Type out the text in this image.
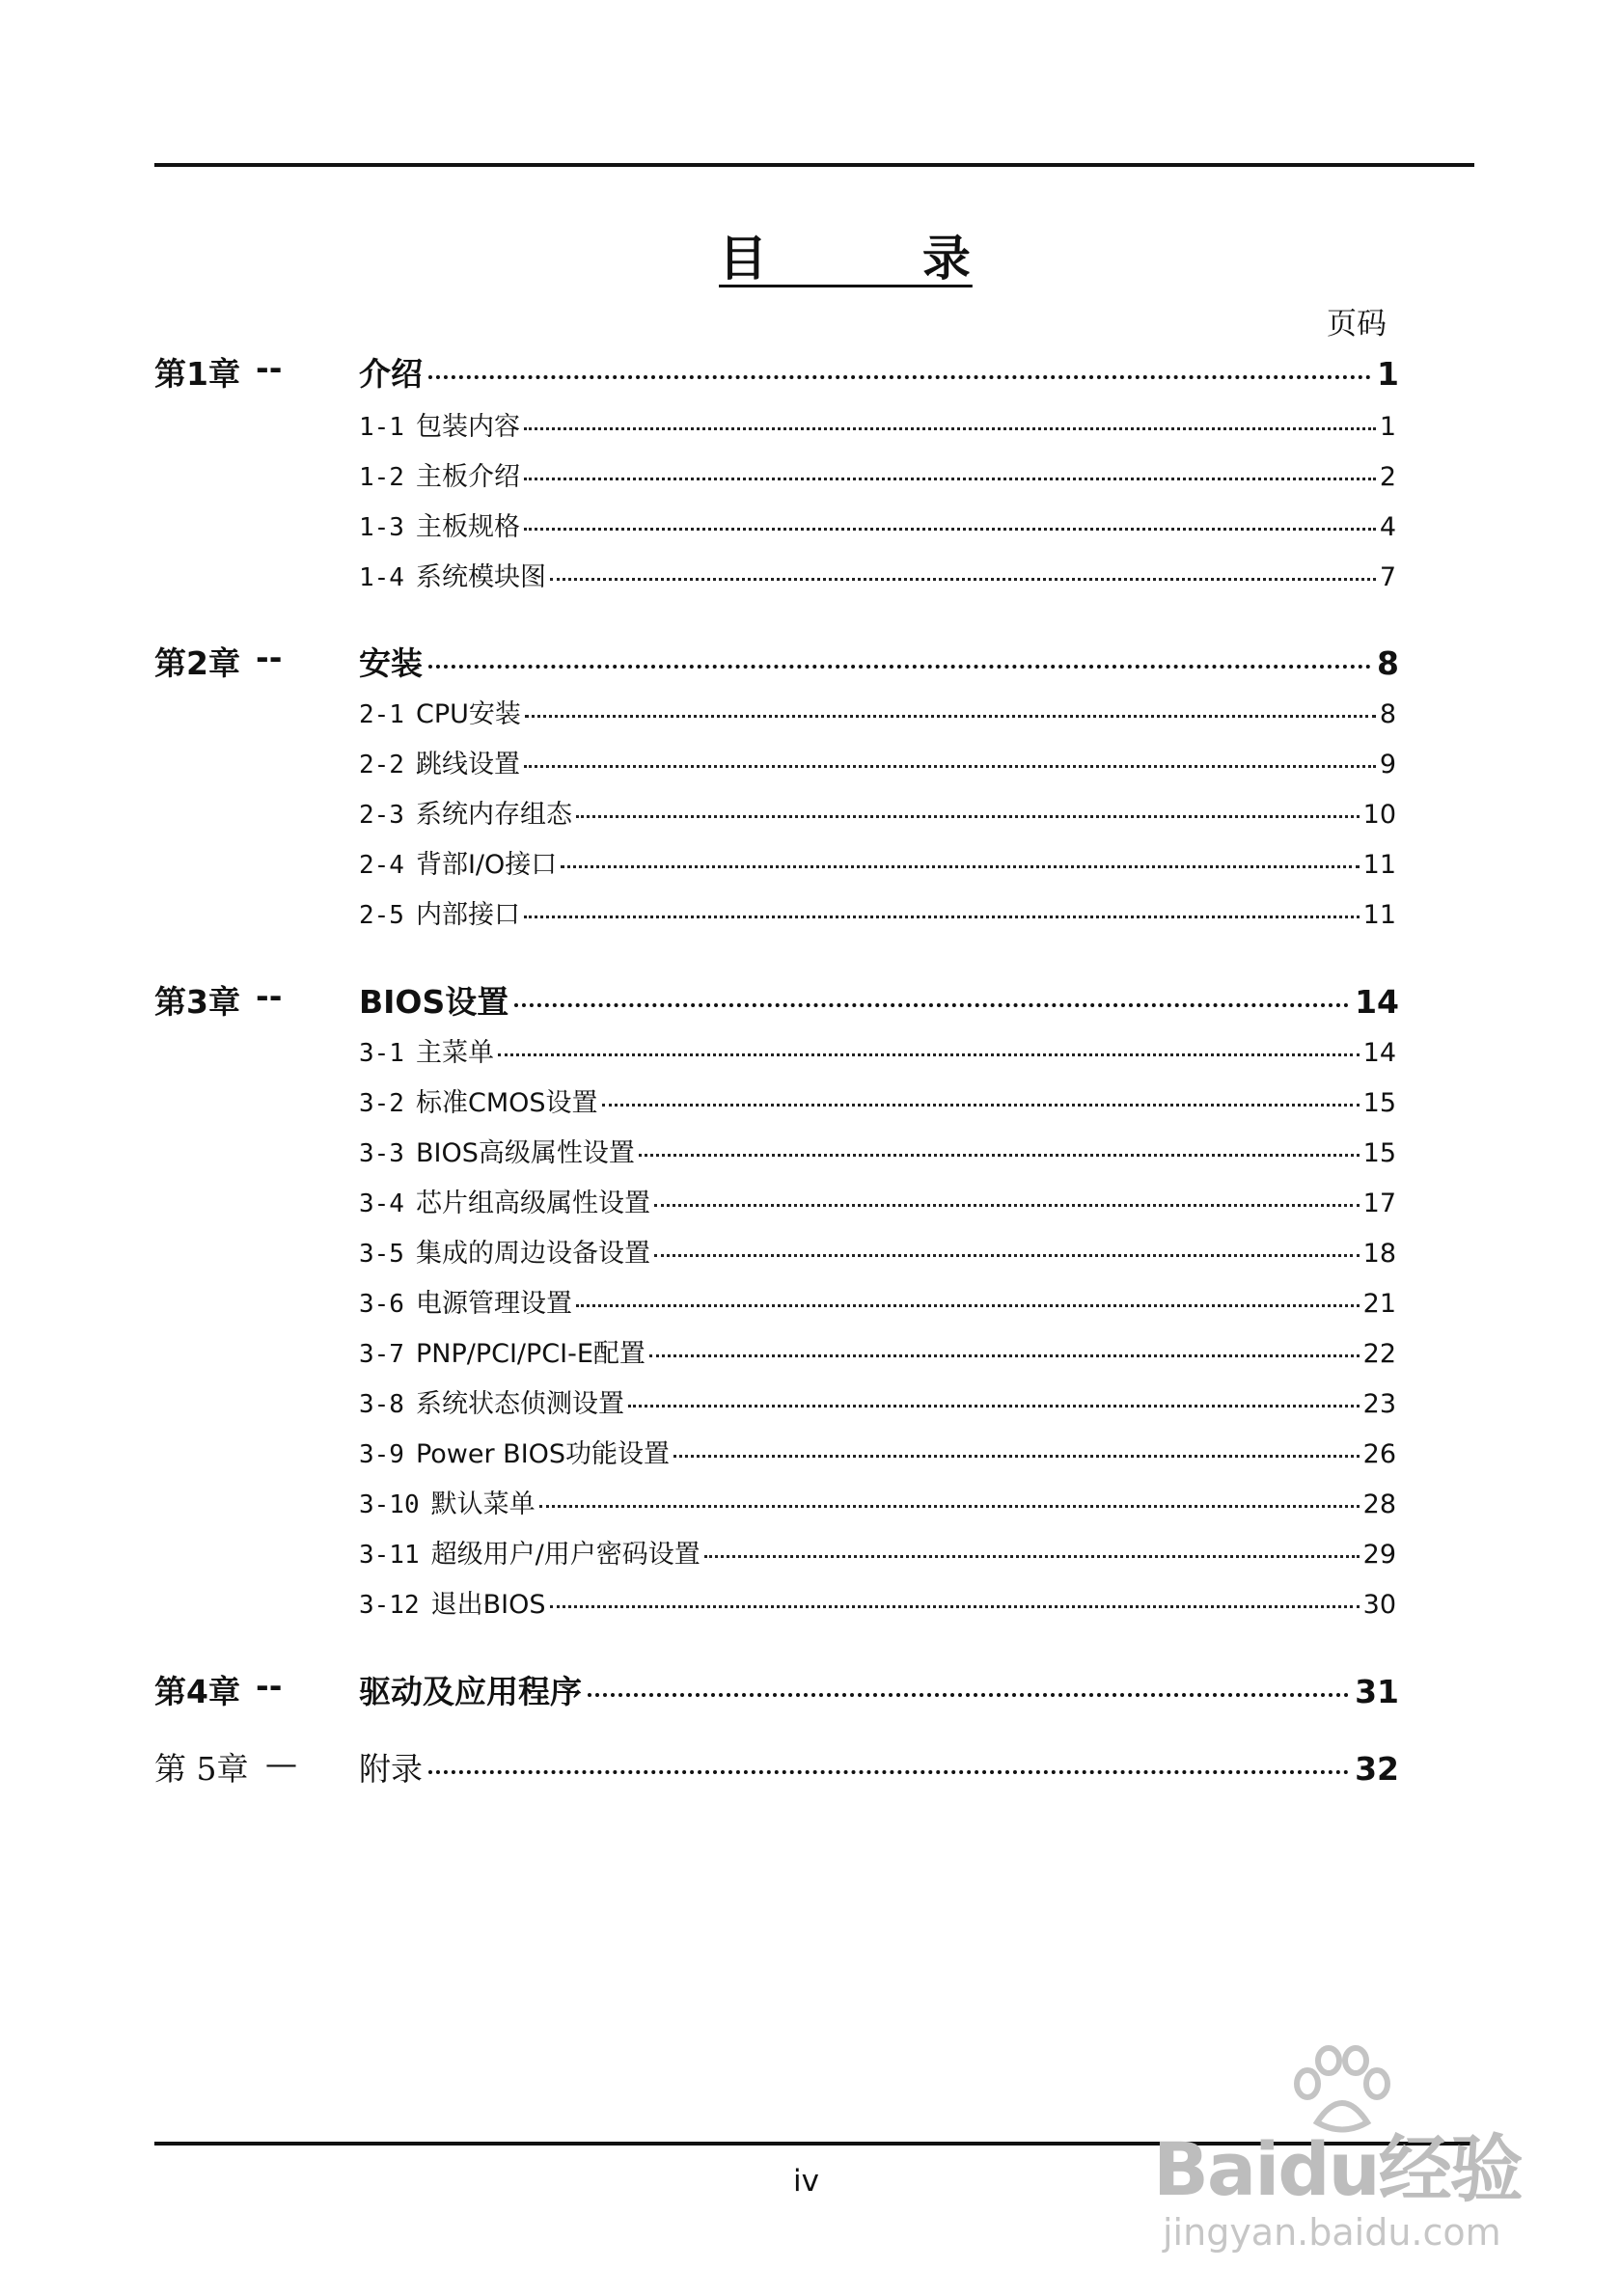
目  录
页码
第1章 -- 介绍	1
1-1 包装内容	1
1-2 主板介绍	2
1-3 主板规格	4
1-4 系统模块图	7
第2章 -- 安装	8
2-1 CPU安装	8
2-2 跳线设置	9
2-3 系统内存组态	10
2-4 背部I/O接口	11
2-5 内部接口	11
第3章 -- BIOS设置	14
3-1 主菜单	14
3-2 标准CMOS设置	15
3-3 BIOS高级属性设置	15
3-4 芯片组高级属性设置	17
3-5 集成的周边设备设置	18
3-6 电源管理设置	21
3-7 PNP/PCI/PCI-E配置	22
3-8 系统状态侦测设置	23
3-9 Power BIOS功能设置	26
3-10 默认菜单	28
3-11 超级用户/用户密码设置	29
3-12 退出BIOS	30
第4章 -- 驱动及应用程序	31
第 5章 — 附录	32
iv	Baidu经验
jingyan.baidu.com
